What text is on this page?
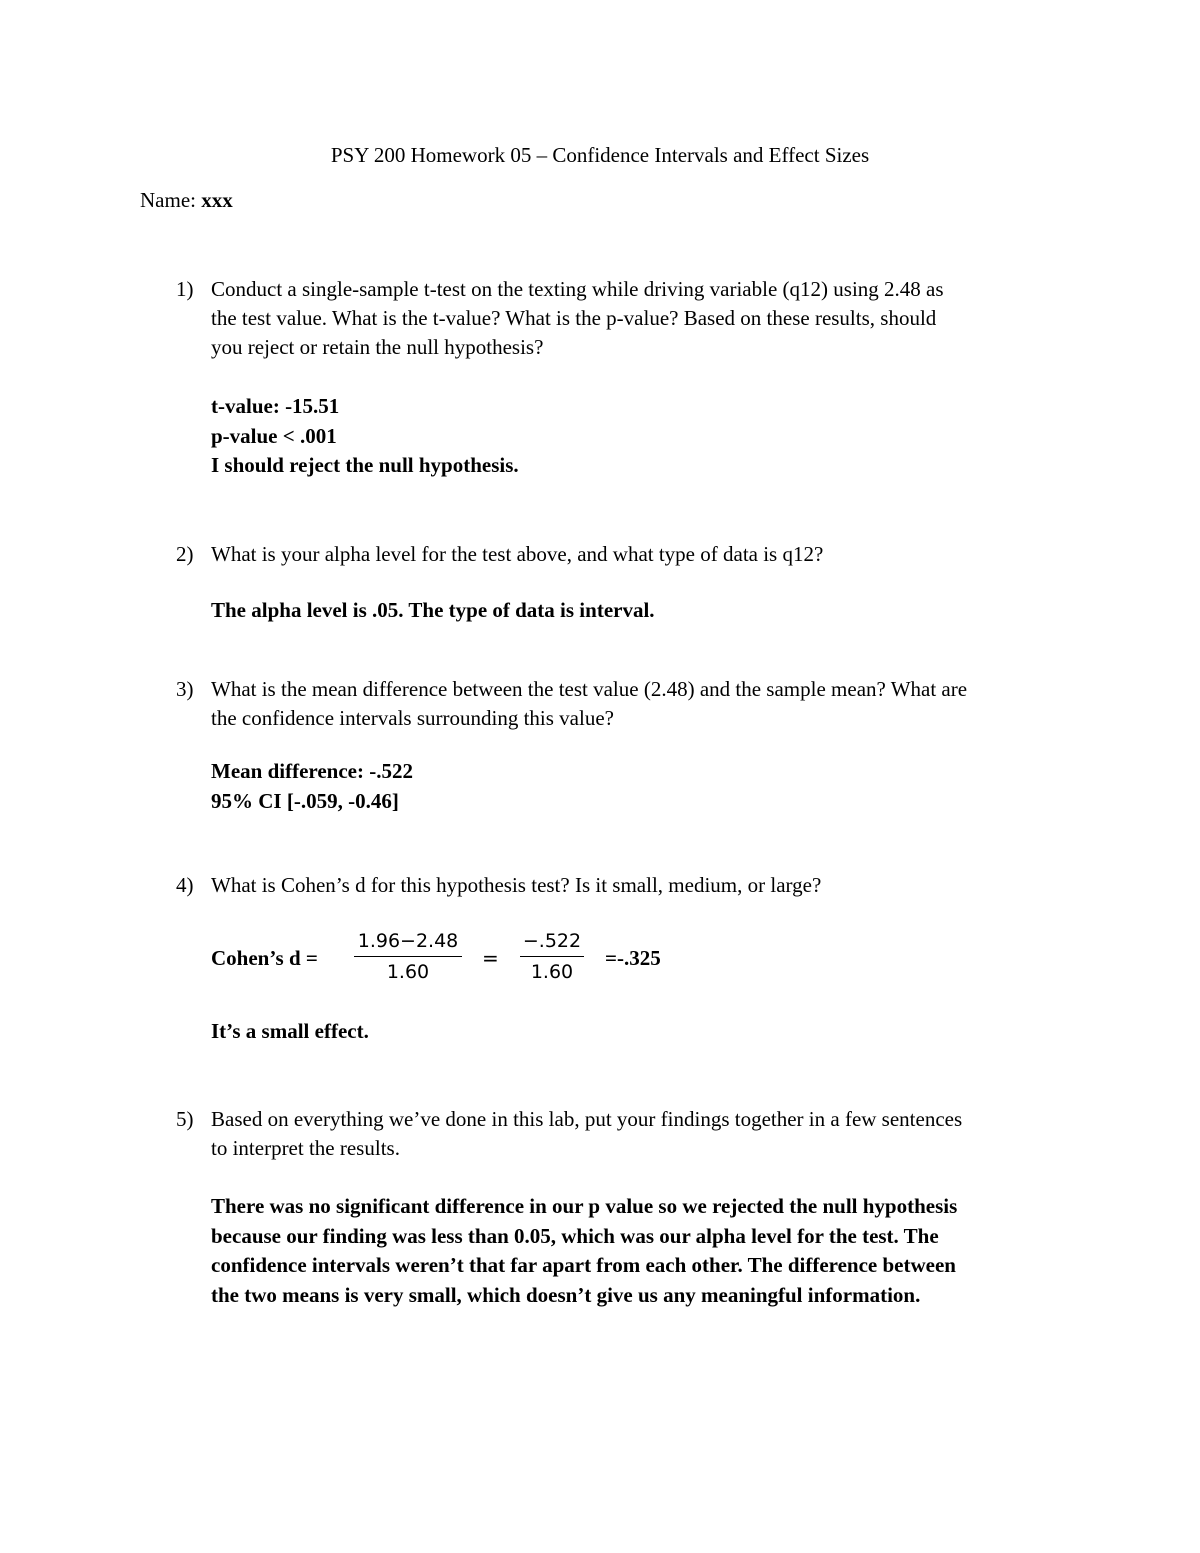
PSY 200 Homework 05 – Confidence Intervals and Effect Sizes
Name: xxx
1) Conduct a single-sample t-test on the texting while driving variable (q12) using 2.48 as
the test value. What is the t-value? What is the p-value? Based on these results, should
you reject or retain the null hypothesis?
t-value: -15.51
p-value < .001
I should reject the null hypothesis.
2) What is your alpha level for the test above, and what type of data is q12?
The alpha level is .05. The type of data is interval.
3) What is the mean difference between the test value (2.48) and the sample mean? What are
the confidence intervals surrounding this value?
Mean difference: -.522
95% CI [-.059, -0.46]
4) What is Cohen’s d for this hypothesis test? Is it small, medium, or large?
Cohen’s $d = \frac{1.96-2.48}{1.60} = \frac{-.522}{1.60} =-.325$
It’s a small effect.
5) Based on everything we’ve done in this lab, put your findings together in a few sentences
to interpret the results.
There was no significant difference in our p value so we rejected the null hypothesis
because our finding was less than 0.05, which was our alpha level for the test. The
confidence intervals weren’t that far apart from each other. The difference between
the two means is very small, which doesn’t give us any meaningful information.
